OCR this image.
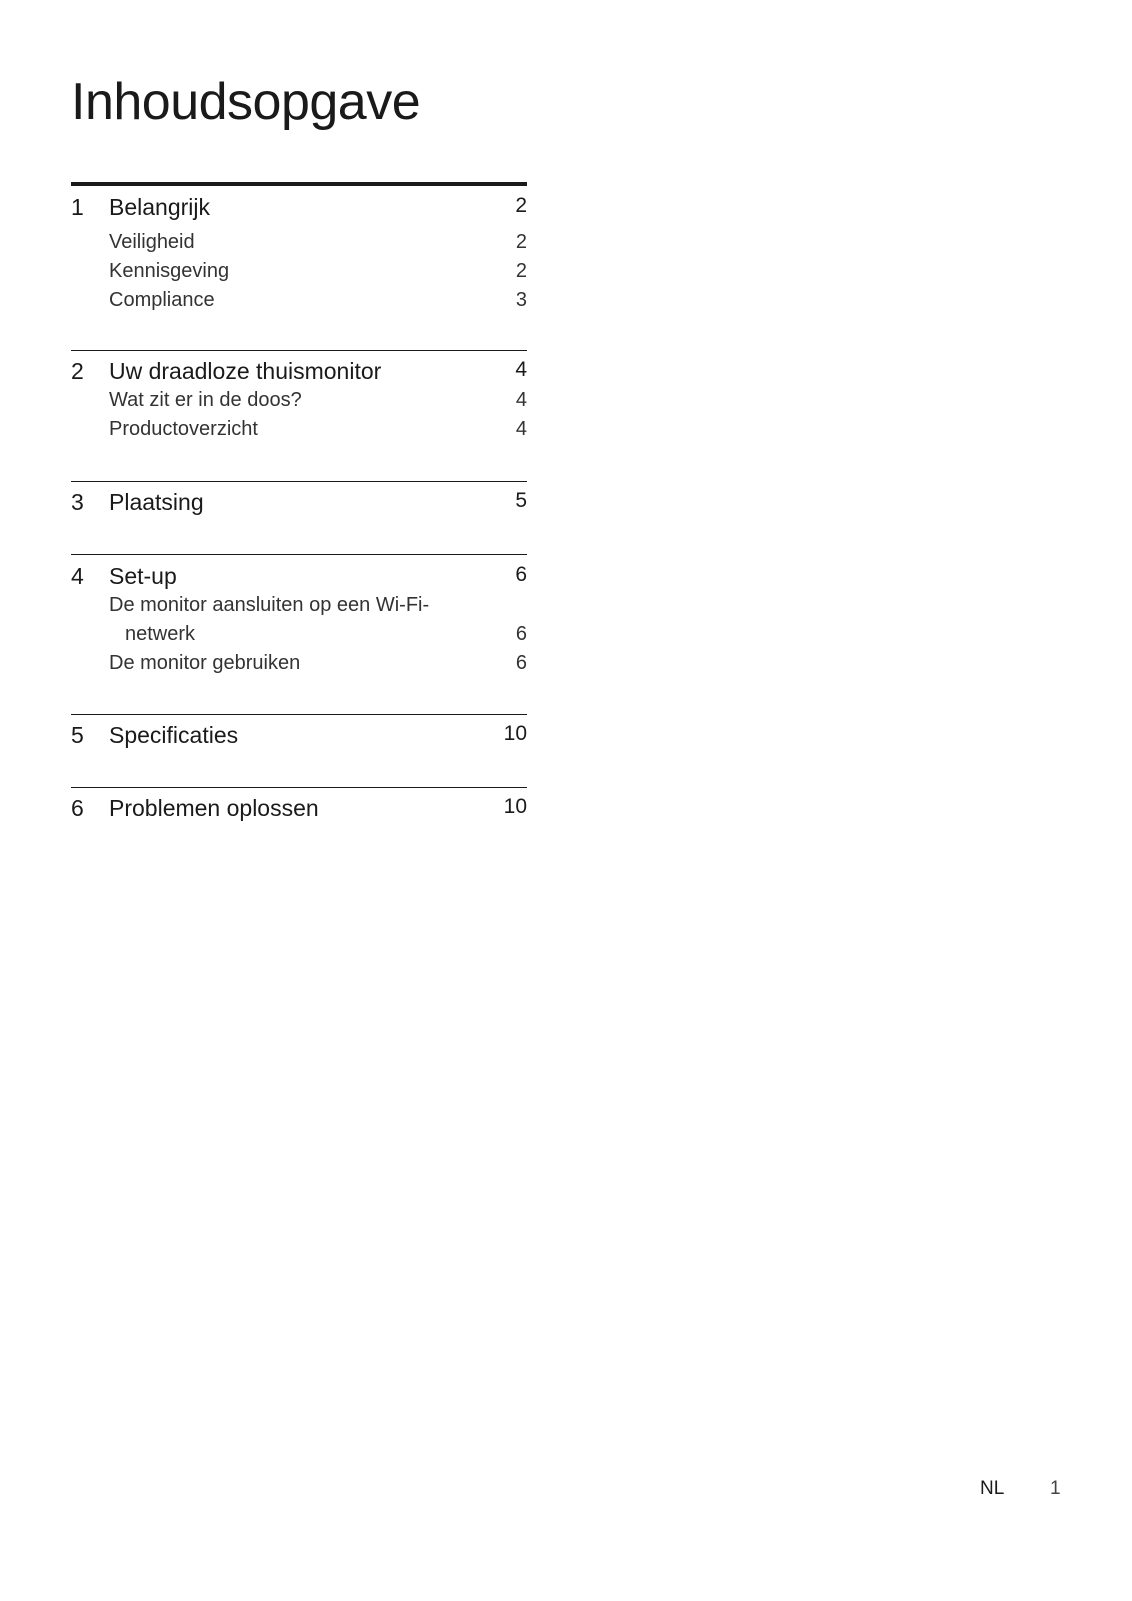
Inhoudsopgave
1 Belangrijk	2
Veiligheid	2
Kennisgeving	2
Compliance	3
2 Uw draadloze thuismonitor	4
Wat zit er in de doos?	4
Productoverzicht	4
3 Plaatsing	5
4 Set-up	6
De monitor aansluiten op een Wi-Fi-
netwerk	6
De monitor gebruiken	6
5 Specificaties	10
6 Problemen oplossen	10
NL 1
